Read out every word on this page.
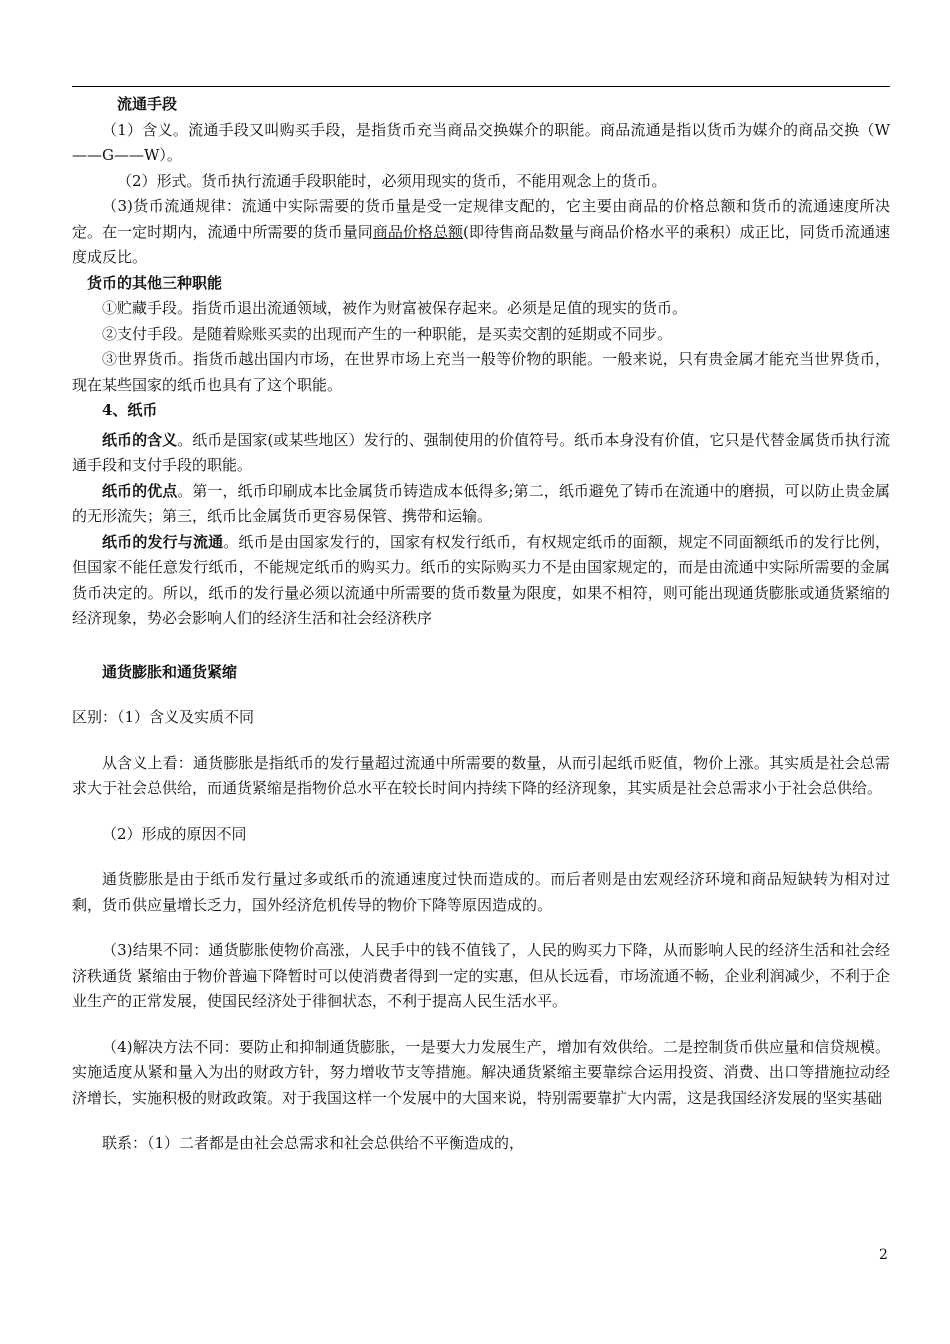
流通手段

（1）含义。流通手段又叫购买手段，是指货币充当商品交换媒介的职能。商品流通是指以货币为媒介的商品交换（W——G——W）。

（2）形式。货币执行流通手段职能时，必须用现实的货币，不能用观念上的货币。

（3)货币流通规律：流通中实际需要的货币量是受一定规律支配的，它主要由商品的价格总额和货币的流通速度所决定。在一定时期内，流通中所需要的货币量同商品价格总额(即待售商品数量与商品价格水平的乘积）成正比，同货币流通速度成反比。

货币的其他三种职能

①贮藏手段。指货币退出流通领域，被作为财富被保存起来。必须是足值的现实的货币。

②支付手段。是随着赊账买卖的出现而产生的一种职能，是买卖交割的延期或不同步。

③世界货币。指货币越出国内市场，在世界市场上充当一般等价物的职能。一般来说，只有贵金属才能充当世界货币，现在某些国家的纸币也具有了这个职能。

4、纸币

纸币的含义。纸币是国家(或某些地区）发行的、强制使用的价值符号。纸币本身没有价值，它只是代替金属货币执行流通手段和支付手段的职能。

纸币的优点。第一，纸币印刷成本比金属货币铸造成本低得多;第二，纸币避免了铸币在流通中的磨损，可以防止贵金属的无形流失；第三，纸币比金属货币更容易保管、携带和运输。

纸币的发行与流通。纸币是由国家发行的，国家有权发行纸币，有权规定纸币的面额，规定不同面额纸币的发行比例，但国家不能任意发行纸币，不能规定纸币的购买力。纸币的实际购买力不是由国家规定的，而是由流通中实际所需要的金属货币决定的。所以，纸币的发行量必须以流通中所需要的货币数量为限度，如果不相符，则可能出现通货膨胀或通货紧缩的经济现象，势必会影响人们的经济生活和社会经济秩序

通货膨胀和通货紧缩

区别：（1）含义及实质不同

从含义上看：通货膨胀是指纸币的发行量超过流通中所需要的数量，从而引起纸币贬值，物价上涨。其实质是社会总需求大于社会总供给，而通货紧缩是指物价总水平在较长时间内持续下降的经济现象，其实质是社会总需求小于社会总供给。

（2）形成的原因不同

通货膨胀是由于纸币发行量过多或纸币的流通速度过快而造成的。而后者则是由宏观经济环境和商品短缺转为相对过剩，货币供应量增长乏力，国外经济危机传导的物价下降等原因造成的。

（3)结果不同：通货膨胀使物价高涨，人民手中的钱不值钱了，人民的购买力下降，从而影响人民的经济生活和社会经济秩通货 紧缩由于物价普遍下降暂时可以使消费者得到一定的实惠，但从长远看，市场流通不畅，企业利润减少，不利于企业生产的正常发展，使国民经济处于徘徊状态，不利于提高人民生活水平。

（4)解决方法不同：要防止和抑制通货膨胀，一是要大力发展生产，增加有效供给。二是控制货币供应量和信贷规模。实施适度从紧和量入为出的财政方针，努力增收节支等措施。解决通货紧缩主要靠综合运用投资、消费、出口等措施拉动经济增长，实施积极的财政政策。对于我国这样一个发展中的大国来说，特别需要靠扩大内需，这是我国经济发展的坚实基础

联系：（1）二者都是由社会总需求和社会总供给不平衡造成的，

2
